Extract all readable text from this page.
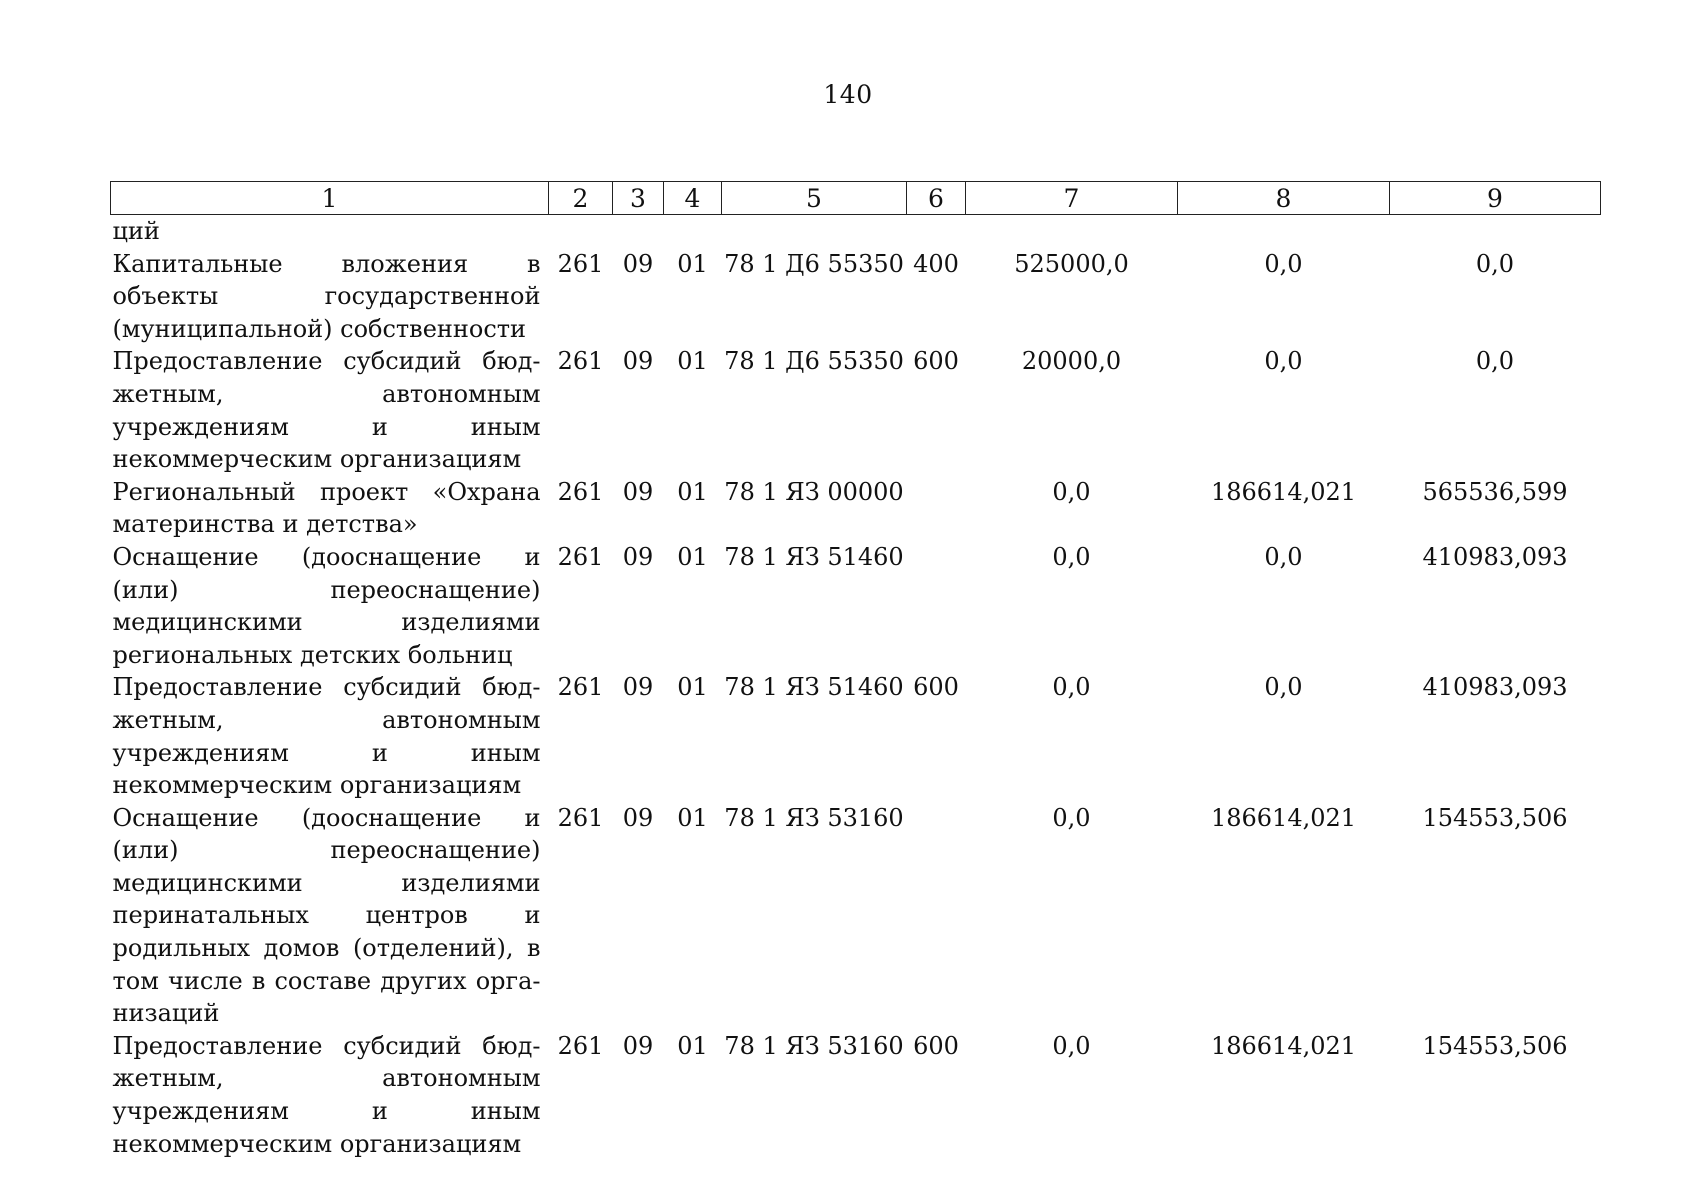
140
1	2	3	4	5	6	7	8	9
ций								
Капитальные вложения в объекты государственной (муниципальной) собственности	261	09	01	78 1 Д6 55350	400	525000,0	0,0	0,0
Предоставление субсидий бюджетным, автономным учреждениям и иным некоммерческим организациям	261	09	01	78 1 Д6 55350	600	20000,0	0,0	0,0
Региональный проект «Охрана материнства и детства»	261	09	01	78 1 ЯЗ 00000		0,0	186614,021	565536,599
Оснащение (дооснащение и (или) переоснащение) медицинскими изделиями региональных детских больниц	261	09	01	78 1 ЯЗ 51460		0,0	0,0	410983,093
Предоставление субсидий бюджетным, автономным учреждениям и иным некоммерческим организациям	261	09	01	78 1 ЯЗ 51460	600	0,0	0,0	410983,093
Оснащение (дооснащение и (или) переоснащение) медицинскими изделиями перинатальных центров и родильных домов (отделений), в том числе в составе других организаций	261	09	01	78 1 ЯЗ 53160		0,0	186614,021	154553,506
Предоставление субсидий бюджетным, автономным учреждениям и иным некоммерческим организациям	261	09	01	78 1 ЯЗ 53160	600	0,0	186614,021	154553,506
